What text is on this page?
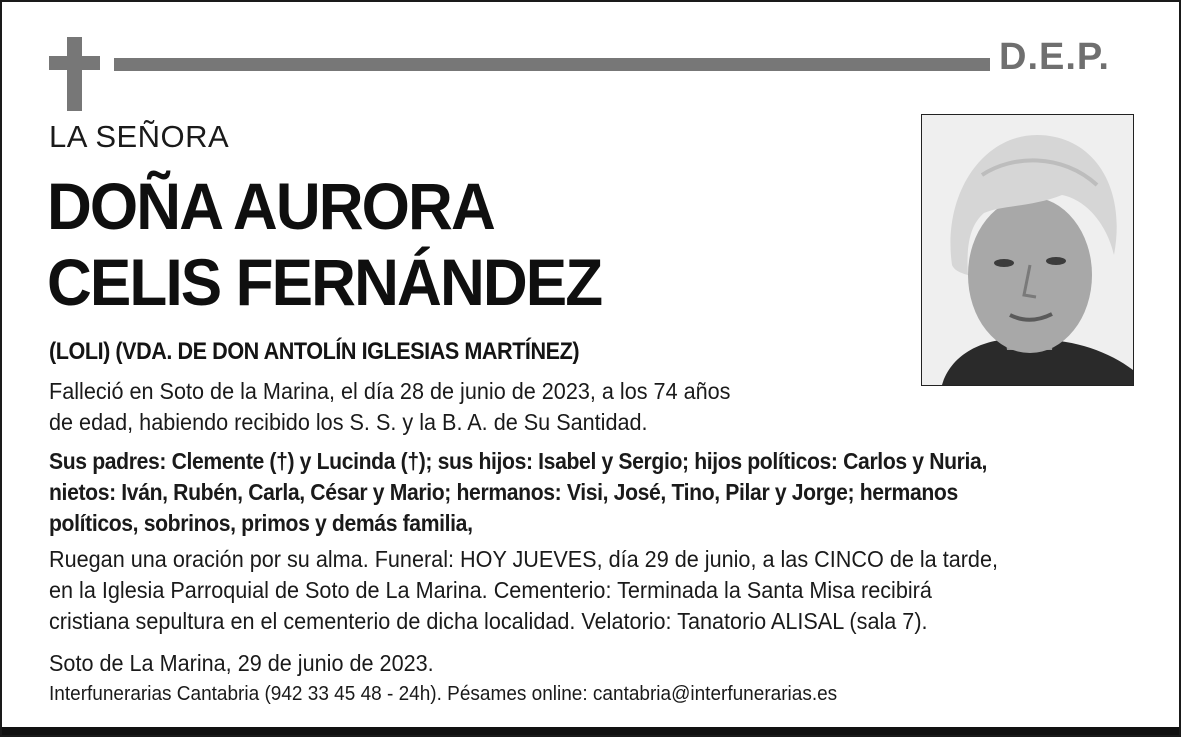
D.E.P.
LA SEÑORA
DOÑA AURORA
CELIS FERNÁNDEZ
(LOLI) (VDA. DE DON ANTOLÍN IGLESIAS MARTÍNEZ)

Falleció en Soto de la Marina, el día 28 de junio de 2023, a los 74 años
de edad, habiendo recibido los S. S. y la B. A. de Su Santidad.

Sus padres: Clemente (†) y Lucinda (†); sus hijos: Isabel y Sergio; hijos políticos: Carlos y Nuria,
nietos: Iván, Rubén, Carla, César y Mario; hermanos: Visi, José, Tino, Pilar y Jorge; hermanos
políticos, sobrinos, primos y demás familia,

Ruegan una oración por su alma. Funeral: HOY JUEVES, día 29 de junio, a las CINCO de la tarde,
en la Iglesia Parroquial de Soto de La Marina. Cementerio: Terminada la Santa Misa recibirá
cristiana sepultura en el cementerio de dicha localidad. Velatorio: Tanatorio ALISAL (sala 7).

Soto de La Marina, 29 de junio de 2023.

Interfunerarias Cantabria (942 33 45 48 - 24h). Pésames online: cantabria@interfunerarias.es
